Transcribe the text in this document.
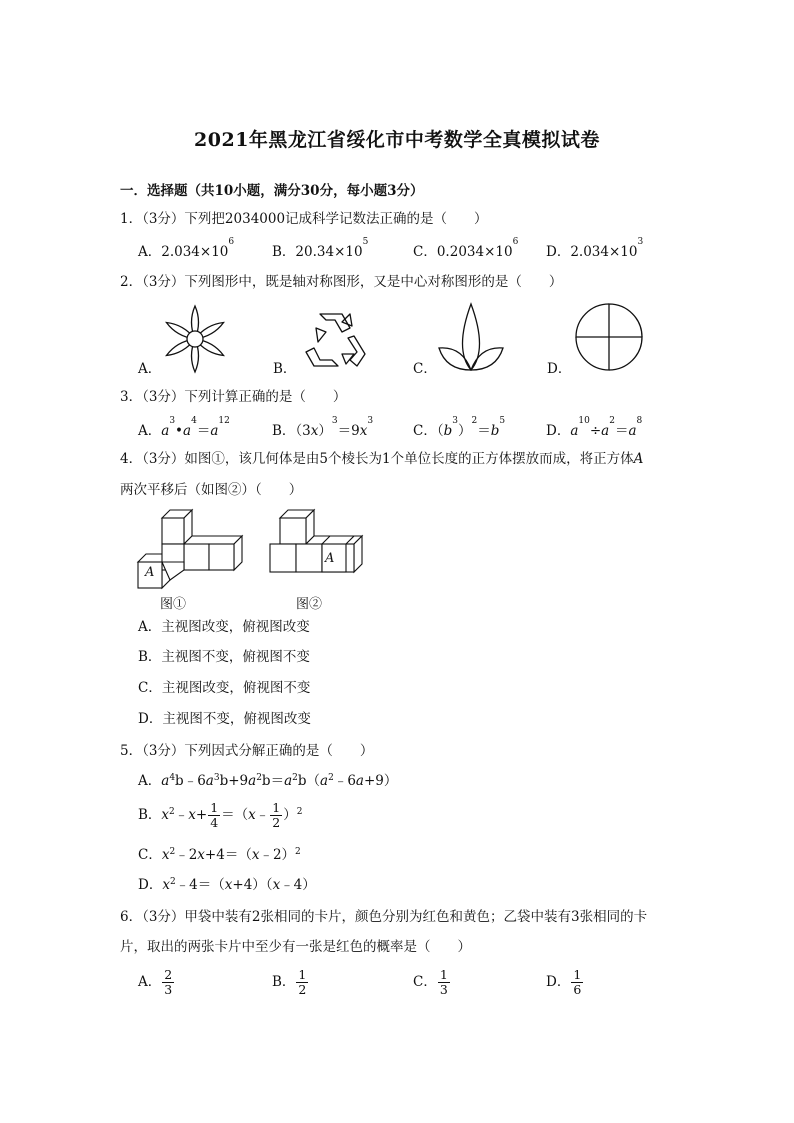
2021年黑龙江省绥化市中考数学全真模拟试卷
一．选择题（共10小题，满分30分，每小题3分）
1．（3分）下列把2034000记成科学记数法正确的是（　　）
A．$2.034\times 10^6$
B．$20.34\times 10^5$
C．$0.2034\times 10^6$
D．$2.034\times 10^3$
2．（3分）下列图形中，既是轴对称图形，又是中心对称图形的是（　　）
A．	B．	C．	D．
3．（3分）下列计算正确的是（　　）
A．$a^3•a^4=a^{12}$
B．$(3x)^3=9x^3$
C．$(b^3)^2=b^5$
D．$a^{10}\div a^2=a^8$
4．（3分）如图①，该几何体是由5个棱长为1个单位长度的正方体摆放而成，将正方体A
两次平移后（如图②）（　　）
A
图①
A
图②
A．主视图改变，俯视图改变
B．主视图不变，俯视图不变
C．主视图改变，俯视图不变
D．主视图不变，俯视图改变
5．（3分）下列因式分解正确的是（　　）
A．$a^4b﹣6a^3b+9a^2b=a^2b(a^2﹣6a+9)$
B．$x^2﹣x+ \frac{1}{4}$ ＝（x﹣ $\frac{1}{2} )^2$
C．$x^2﹣2x+4=(x﹣2)^2$
D．$x^2﹣4=(x+4)(x﹣4)$
6．（3分）甲袋中装有2张相同的卡片，颜色分别为红色和黄色；乙袋中装有3张相同的卡
片，取出的两张卡片中至少有一张是红色的概率是（　　）
A． $\frac{2}{3}$	B． $\frac{1}{2}$	C． $\frac{1}{3}$	D． $\frac{1}{6}$
